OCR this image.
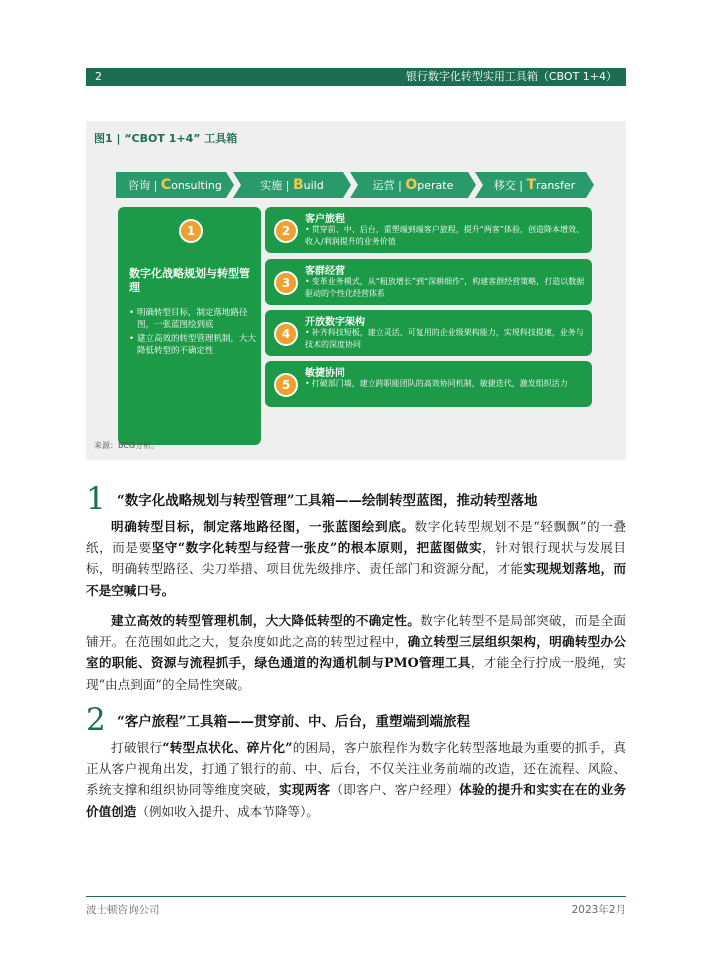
2	银行数字化转型实用工具箱（CBOT 1+4）
图1 | “CBOT 1+4” 工具箱
咨询 | Consulting	实施 | Build	运营 | Operate	移交 | Transfer
1
数字化战略规划与转型管理
• 明确转型目标，制定落地路径图，一张蓝图绘到底
• 建立高效的转型管理机制，大大降低转型的不确定性
2
客户旅程
• 贯穿前、中、后台，重塑端到端客户旅程，提升“两客”体验，创造降本增效、收入/利润提升的业务价值
3
客群经营
• 变革业务模式，从“粗放增长”到“深耕细作”，构建客群经营策略，打造以数据驱动的个性化经营体系
4
开放数字架构
• 补齐科技短板，建立灵活、可复用的企业级架构能力，实现科技提速，业务与技术的深度协同
5
敏捷协同
• 打破部门墙，建立跨职能团队的高效协同机制，敏捷迭代，激发组织活力
来源：BCG分析。
1 “数字化战略规划与转型管理”工具箱——绘制转型蓝图，推动转型落地
明确转型目标，制定落地路径图，一张蓝图绘到底。数字化转型规划不是“轻飘飘”的一叠纸，而是要坚守“数字化转型与经营一张皮”的根本原则，把蓝图做实，针对银行现状与发展目标，明确转型路径、尖刀举措、项目优先级排序、责任部门和资源分配，才能实现规划落地，而不是空喊口号。
建立高效的转型管理机制，大大降低转型的不确定性。数字化转型不是局部突破，而是全面铺开。在范围如此之大，复杂度如此之高的转型过程中，确立转型三层组织架构，明确转型办公室的职能、资源与流程抓手，绿色通道的沟通机制与PMO管理工具，才能全行拧成一股绳，实现“由点到面”的全局性突破。
2 “客户旅程”工具箱——贯穿前、中、后台，重塑端到端旅程
打破银行“转型点状化、碎片化”的困局，客户旅程作为数字化转型落地最为重要的抓手，真正从客户视角出发，打通了银行的前、中、后台，不仅关注业务前端的改造，还在流程、风险、系统支撑和组织协同等维度突破，实现两客（即客户、客户经理）体验的提升和实实在在的业务价值创造（例如收入提升、成本节降等）。
波士顿咨询公司	2023年2月
